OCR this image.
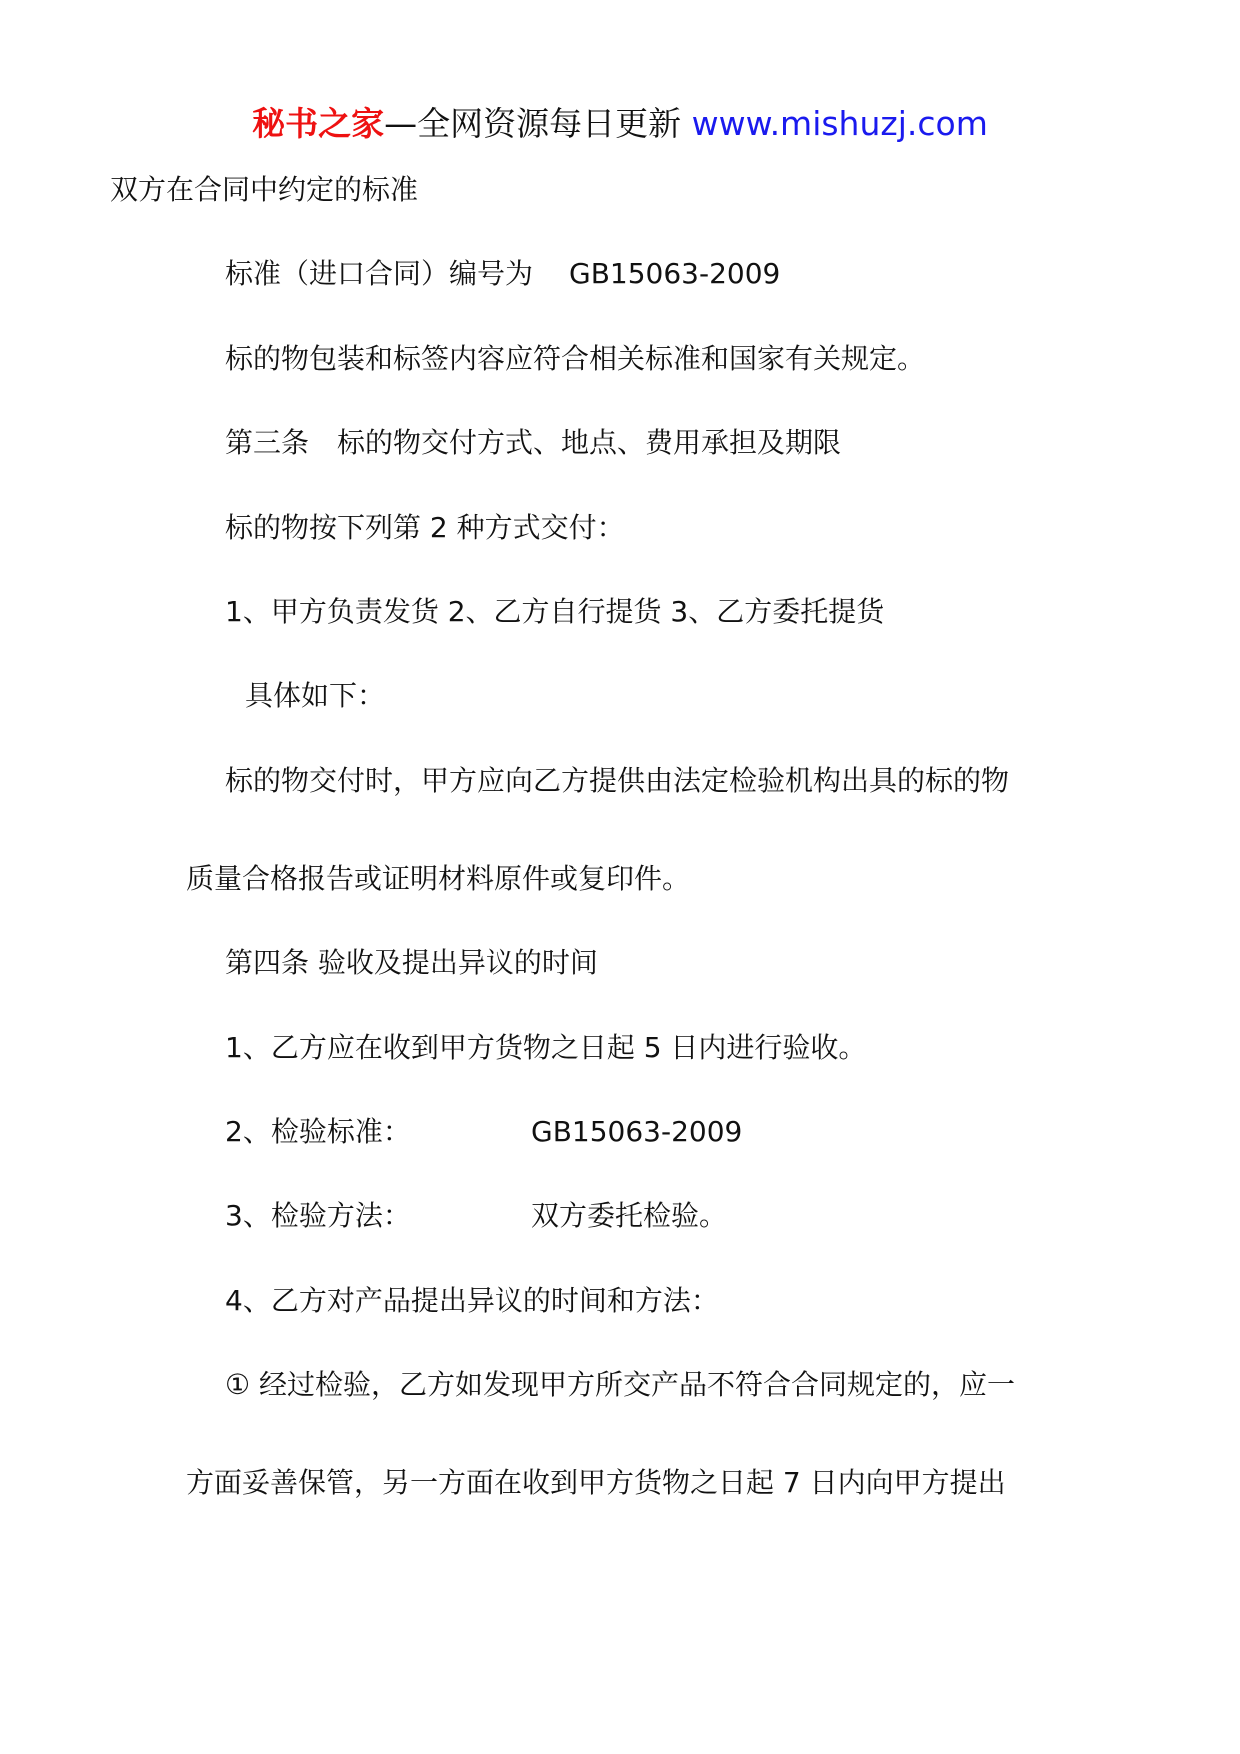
秘书之家—全网资源每日更新 www.mishuzj.com
双方在合同中约定的标准
标准（进口合同）编号为 GB15063-2009
标的物包装和标签内容应符合相关标准和国家有关规定。
第三条 标的物交付方式、地点、费用承担及期限
标的物按下列第 2 种方式交付：
1、甲方负责发货 2、乙方自行提货 3、乙方委托提货
具体如下：
标的物交付时，甲方应向乙方提供由法定检验机构出具的标的物
质量合格报告或证明材料原件或复印件。
第四条 验收及提出异议的时间
1、乙方应在收到甲方货物之日起 5 日内进行验收。
2、检验标准：	GB15063-2009
3、检验方法：	双方委托检验。
4、乙方对产品提出异议的时间和方法：
① 经过检验，乙方如发现甲方所交产品不符合合同规定的，应一
方面妥善保管，另一方面在收到甲方货物之日起 7 日内向甲方提出
